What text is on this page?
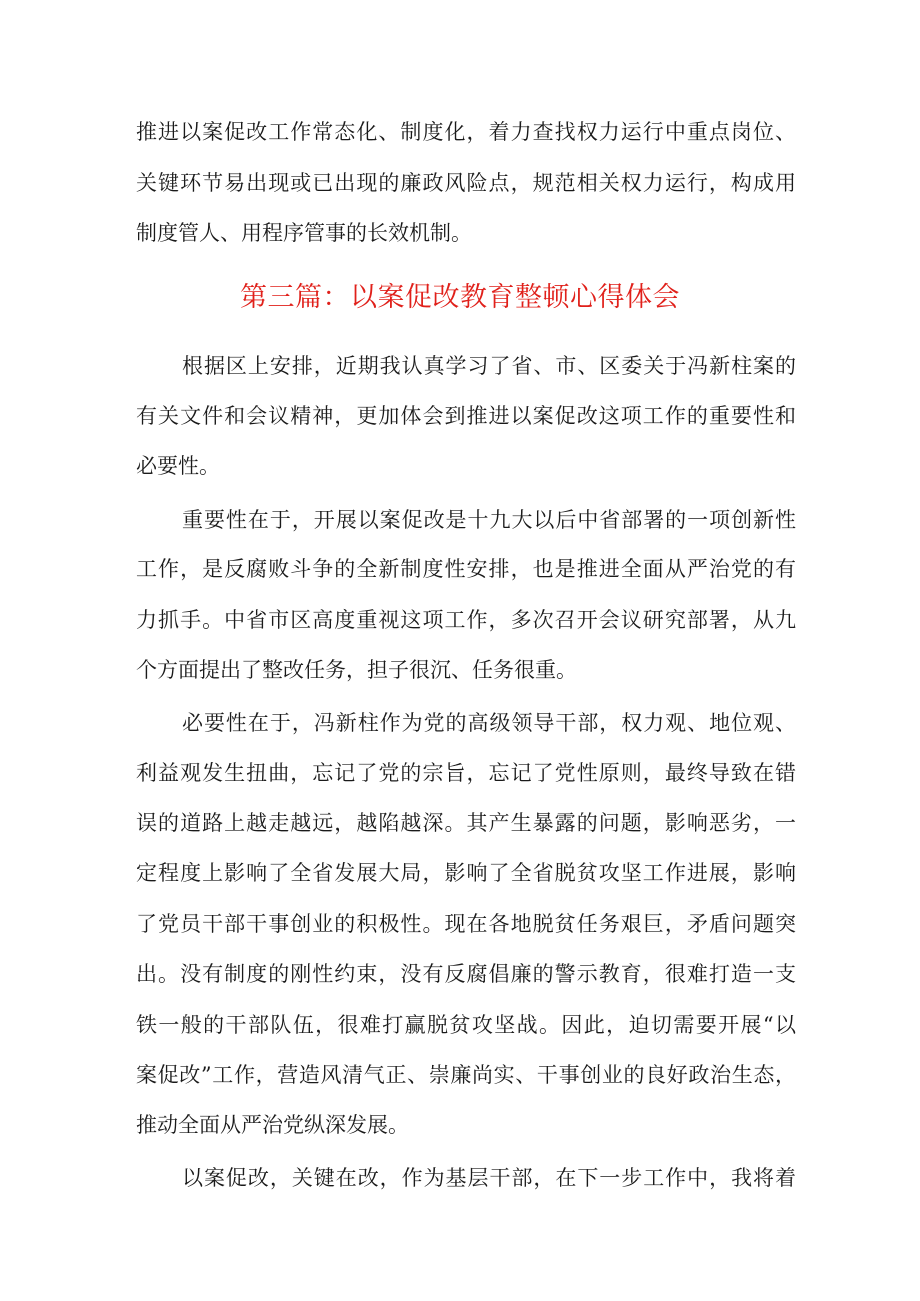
推进以案促改工作常态化、制度化，着力查找权力运行中重点岗位、
关键环节易出现或已出现的廉政风险点，规范相关权力运行，构成用
制度管人、用程序管事的长效机制。
第三篇：以案促改教育整顿心得体会
根据区上安排，近期我认真学习了省、市、区委关于冯新柱案的
有关文件和会议精神，更加体会到推进以案促改这项工作的重要性和
必要性。
重要性在于，开展以案促改是十九大以后中省部署的一项创新性
工作，是反腐败斗争的全新制度性安排，也是推进全面从严治党的有
力抓手。中省市区高度重视这项工作，多次召开会议研究部署，从九
个方面提出了整改任务，担子很沉、任务很重。
必要性在于，冯新柱作为党的高级领导干部，权力观、地位观、
利益观发生扭曲，忘记了党的宗旨，忘记了党性原则，最终导致在错
误的道路上越走越远，越陷越深。其产生暴露的问题，影响恶劣，一
定程度上影响了全省发展大局，影响了全省脱贫攻坚工作进展，影响
了党员干部干事创业的积极性。现在各地脱贫任务艰巨，矛盾问题突
出。没有制度的刚性约束，没有反腐倡廉的警示教育，很难打造一支
铁一般的干部队伍，很难打赢脱贫攻坚战。因此，迫切需要开展“以
案促改”工作，营造风清气正、崇廉尚实、干事创业的良好政治生态，
推动全面从严治党纵深发展。
以案促改，关键在改，作为基层干部，在下一步工作中，我将着
